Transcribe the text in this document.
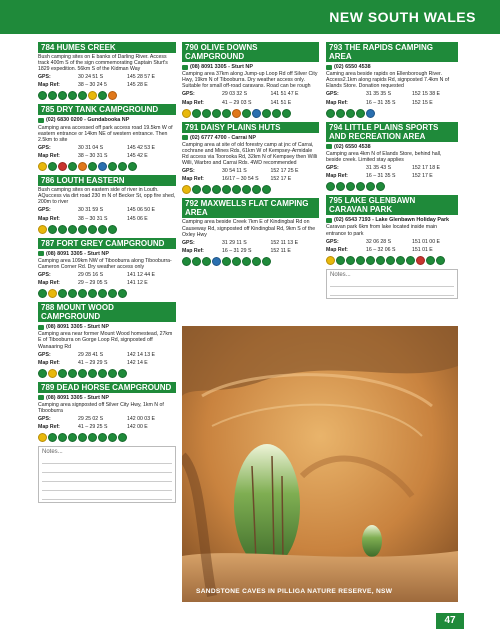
NEW SOUTH WALES
784 HUMES CREEK
Bush camping sites on E banks of Darling River. Access track 400m S of the sign commemorating Captain Sturt's 1829 expedition. 56km S of the Kidman Way
GPS:	30 24 51 S	145 28 57 E
Map Ref:	38 – 30 24 5	145 28 E
785 DRY TANK CAMPGROUND
(02) 6830 0200 - Gundabooka NP
Camping area accessed off park access road 19.5km W of eastern entrance or 14km NE of western entrance. Then 2.5km to site
GPS:	30 31 04 S	145 42 53 E
Map Ref:	38 – 30 31 S	145 42 E
786 LOUTH EASTERN
Bush camping sites on eastern side of river in Louth. AQuccess via dirt road 230 m N of Becker St, opp fire shed, 200m to river
GPS:	30 31 59 S	145 06 50 E
Map Ref:	38 – 30 31 S	145 06 E
787 FORT GREY CAMPGROUND
(08) 8091 3305 - Sturt NP
Camping area 109km NW of Tibooburra along Tibooburra-Cameron Corner Rd. Dry weather access only
GPS:	29 05 16 S	141 12 44 E
Map Ref:	29 – 29 05 S	141 12 E
788 MOUNT WOOD CAMPGROUND
(08) 8091 3305 - Sturt NP
Camping area near former Mount Wood homestead, 27km E of Tibooburra on Gorge Loop Rd, signposted off Wanaaring Rd
GPS:	29 28 41 S	142 14 13 E
Map Ref:	41 – 29 29 S	142 14 E
789 DEAD HORSE CAMPGROUND
(08) 8091 3305 - Sturt NP
Camping area signposted off Silver City Hwy, 1km N of Tibooburra
GPS:	29 25 02 S	142 00 03 E
Map Ref:	41 – 29 25 S	142 00 E
Notes...
790 OLIVE DOWNS CAMPGROUND
(08) 8091 3305 - Sturt NP
Camping area 37km along Jump-up Loop Rd off Silver City Hwy, 19km N of Tibooburra. Dry weather access only. Suitable for small off-road caravans. Road can be rough
GPS:	29 03 32 S	141 51 47 E
Map Ref:	41 – 29 03 S	141 51 E
791 DAISY PLAINS HUTS
(02) 6777 4700 - Carrai NP
Camping area at site of old forestry camp at jnc of Carrai, cochrane and Mines Rds, 61km W of Kempsey-Armidale Rd access via Toorooka Rd, 32km N of Kempsey then Willi Willi, Warbro and Carrai Rds. 4WD recommended
GPS:	30 54 11 S	152 17 25 E
Map Ref:	16/17 – 30 54 S	152 17 E
792 MAXWELLS FLAT CAMPING AREA
Camping area beside Creek 7km E of Kindingbal Rd on Causeway Rd, signposted off Kindingbal Rd, 9km S of the Oxley Hwy
GPS:	31 29 11 S	152 11 13 E
Map Ref:	16 – 31 29 S	152 11 E
793 THE RAPIDS CAMPING AREA
(02) 6550 4538
Caming area beside rapids on Ellenborough River. Access2.1km along rapids Rd, signposted 7.4km N of Elands Store. Donation requested
GPS:	31 35 35 S	152 15 38 E
Map Ref:	16 – 31 35 S	152 15 E
794 LITTLE PLAINS SPORTS AND RECREATION AREA
(02) 6550 4538
Camping area 4km N of Elands Store, behind hall, beside creek. Limited stay applies
GPS:	31 35 43 S	152 17 18 E
Map Ref:	16 – 31 35 S	152 17 E
795 LAKE GLENBAWN CARAVAN PARK
(02) 6543 7193 - Lake Glenbawn Holiday Park
Caravan park 6km from lake located inside main entrance to park
GPS:	32 06 28 S	151 01 00 E
Map Ref:	16 – 32 06 S	151 01 E
Notes...
SANDSTONE CAVES IN PILLIGA NATURE RESERVE, NSW
47
